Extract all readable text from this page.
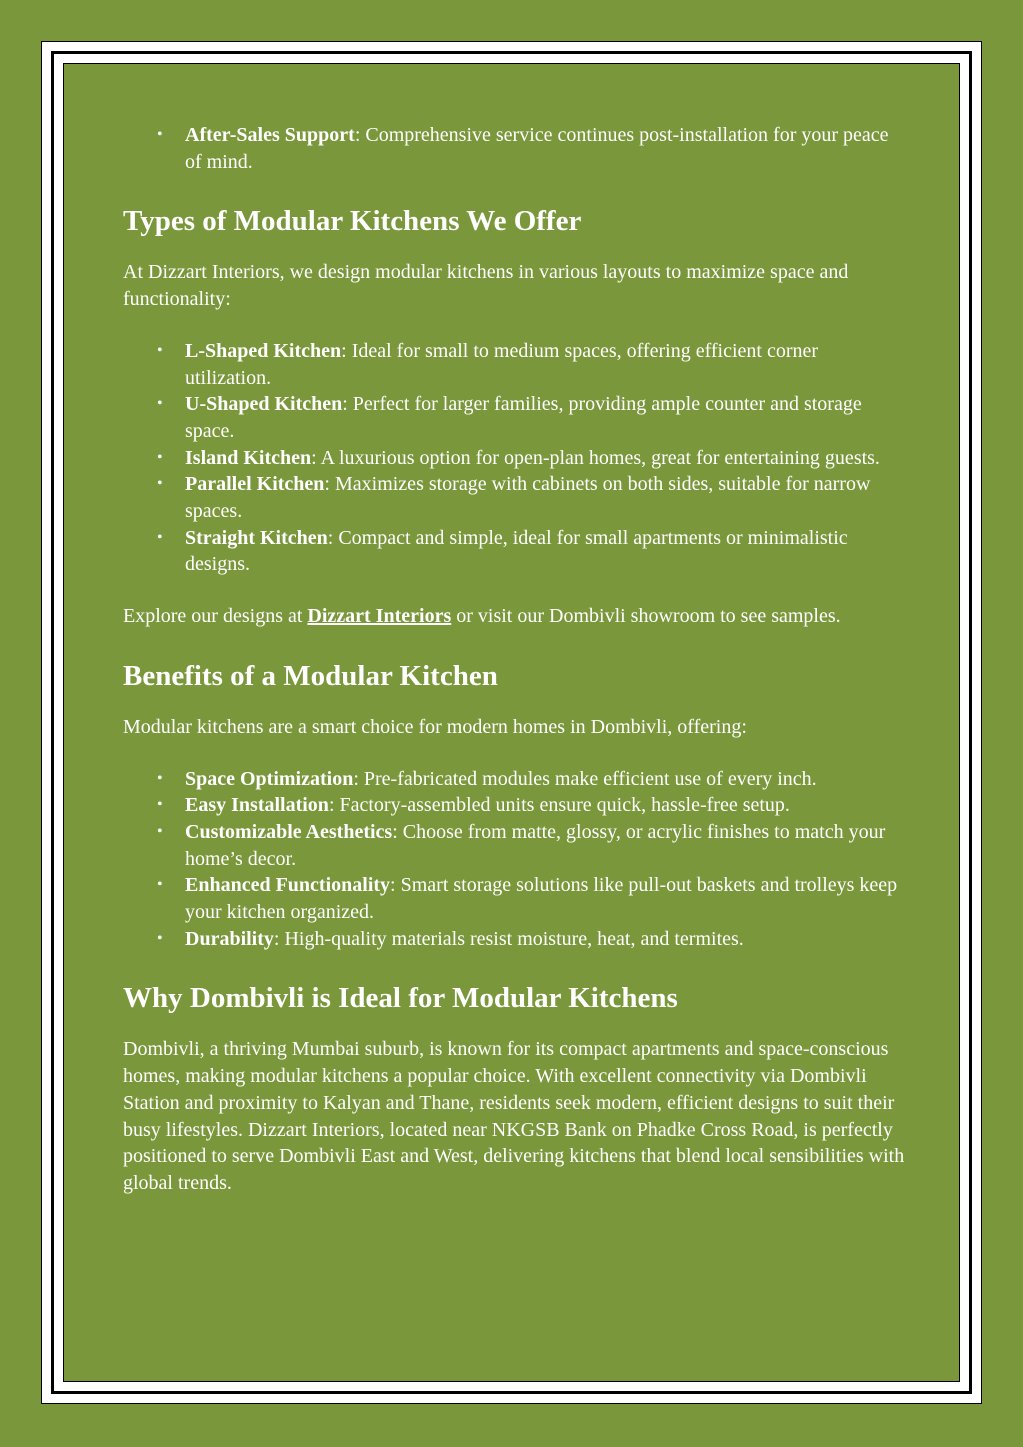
• After-Sales Support: Comprehensive service continues post-installation for your peace of mind.
Types of Modular Kitchens We Offer

At Dizzart Interiors, we design modular kitchens in various layouts to maximize space and functionality:

• L-Shaped Kitchen: Ideal for small to medium spaces, offering efficient corner utilization.
• U-Shaped Kitchen: Perfect for larger families, providing ample counter and storage space.
• Island Kitchen: A luxurious option for open-plan homes, great for entertaining guests.
• Parallel Kitchen: Maximizes storage with cabinets on both sides, suitable for narrow spaces.
• Straight Kitchen: Compact and simple, ideal for small apartments or minimalistic designs.

Explore our designs at Dizzart Interiors or visit our Dombivli showroom to see samples.

Benefits of a Modular Kitchen

Modular kitchens are a smart choice for modern homes in Dombivli, offering:

• Space Optimization: Pre-fabricated modules make efficient use of every inch.
• Easy Installation: Factory-assembled units ensure quick, hassle-free setup.
• Customizable Aesthetics: Choose from matte, glossy, or acrylic finishes to match your home’s decor.
• Enhanced Functionality: Smart storage solutions like pull-out baskets and trolleys keep your kitchen organized.
• Durability: High-quality materials resist moisture, heat, and termites.
Why Dombivli is Ideal for Modular Kitchens

Dombivli, a thriving Mumbai suburb, is known for its compact apartments and space-conscious homes, making modular kitchens a popular choice. With excellent connectivity via Dombivli Station and proximity to Kalyan and Thane, residents seek modern, efficient designs to suit their busy lifestyles. Dizzart Interiors, located near NKGSB Bank on Phadke Cross Road, is perfectly positioned to serve Dombivli East and West, delivering kitchens that blend local sensibilities with global trends.
